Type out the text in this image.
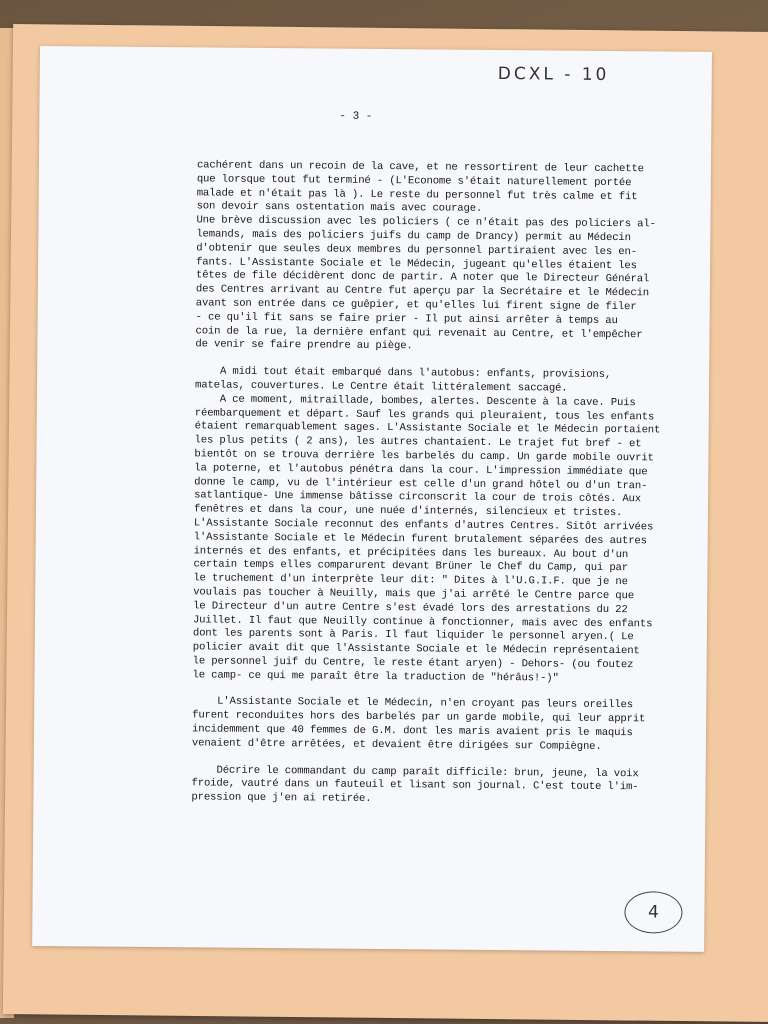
DCXL - 10
- 3 -
cachérent dans un recoin de la cave, et ne ressortirent de leur cachette
que lorsque tout fut terminé - (L'Econome s'était naturellement portée
malade et n'était pas là ). Le reste du personnel fut très calme et fit
son devoir sans ostentation mais avec courage.
Une brève discussion avec les policiers ( ce n'était pas des policiers al-
lemands, mais des policiers juifs du camp de Drancy) permit au Médecin
d'obtenir que seules deux membres du personnel partiraient avec les en-
fants. L'Assistante Sociale et le Médecin, jugeant qu'elles étaient les
têtes de file décidèrent donc de partir. A noter que le Directeur Général
des Centres arrivant au Centre fut aperçu par la Secrétaire et le Médecin
avant son entrée dans ce guêpier, et qu'elles lui firent signe de filer
- ce qu'il fit sans se faire prier - Il put ainsi arrêter à temps au
coin de la rue, la dernière enfant qui revenait au Centre, et l'empêcher
de venir se faire prendre au piège.
A midi tout était embarqué dans l'autobus: enfants, provisions,
matelas, couvertures. Le Centre était littéralement saccagé.
A ce moment, mitraillade, bombes, alertes. Descente à la cave. Puis
réembarquement et départ. Sauf les grands qui pleuraient, tous les enfants
étaient remarquablement sages. L'Assistante Sociale et le Médecin portaient
les plus petits ( 2 ans), les autres chantaient. Le trajet fut bref - et
bientôt on se trouva derrière les barbelés du camp. Un garde mobile ouvrit
la poterne, et l'autobus pénétra dans la cour. L'impression immédiate que
donne le camp, vu de l'intérieur est celle d'un grand hôtel ou d'un tran-
satlantique- Une immense bâtisse circonscrit la cour de trois côtés. Aux
fenêtres et dans la cour, une nuée d'internés, silencieux et tristes.
L'Assistante Sociale reconnut des enfants d'autres Centres. Sitôt arrivées
l'Assistante Sociale et le Médecin furent brutalement séparées des autres
internés et des enfants, et précipitées dans les bureaux. Au bout d'un
certain temps elles comparurent devant Brüner le Chef du Camp, qui par
le truchement d'un interprète leur dit: " Dites à l'U.G.I.F. que je ne
voulais pas toucher à Neuilly, mais que j'ai arrêté le Centre parce que
le Directeur d'un autre Centre s'est évadé lors des arrestations du 22
Juillet. Il faut que Neuilly continue à fonctionner, mais avec des enfants
dont les parents sont à Paris. Il faut liquider le personnel aryen.( Le
policier avait dit que l'Assistante Sociale et le Médecin représentaient
le personnel juif du Centre, le reste étant aryen) - Dehors- (ou foutez
le camp- ce qui me paraît être la traduction de "hérâus!-)"
L'Assistante Sociale et le Médecin, n'en croyant pas leurs oreilles
furent reconduites hors des barbelés par un garde mobile, qui leur apprit
incidemment que 40 femmes de G.M. dont les maris avaient pris le maquis
venaient d'être arrêtées, et devaient être dirigées sur Compiègne.
Décrire le commandant du camp paraît difficile: brun, jeune, la voix
froide, vautré dans un fauteuil et lisant son journal. C'est toute l'im-
pression que j'en ai retirée.
4
